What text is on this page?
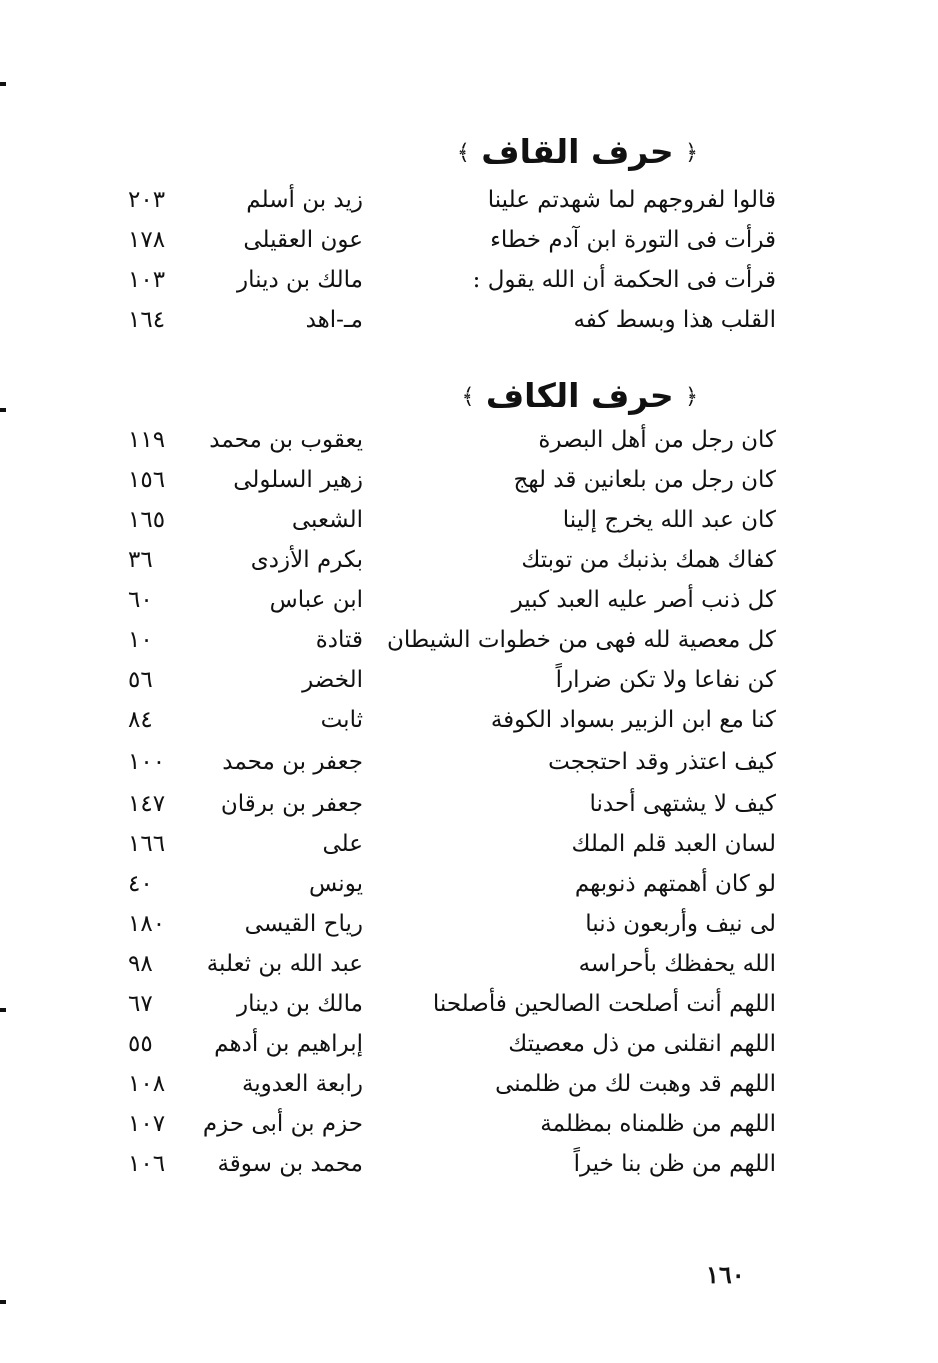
﴿ حرف القاف ﴾
قالوا لفروجهم لما شهدتم علينا
زيد بن أسلم
٢٠٣
قرأت فى التورة ابن آدم خطاء
عون العقيلى
١٧٨
قرأت فى الحكمة أن الله يقول :
مالك بن دينار
١٠٣
القلب هذا وبسط كفه
مـ-اهد
١٦٤
﴿ حرف الكاف ﴾
كان رجل من أهل البصرة
يعقوب بن محمد
١١٩
كان رجل من بلعانين قد لهج
زهير السلولى
١٥٦
كان عبد الله يخرج إلينا
الشعبى
١٦٥
كفاك همك بذنبك من توبتك
بكرم الأزدى
٣٦
كل ذنب أصر عليه العبد كبير
ابن عباس
٦٠
كل معصية لله فهى من خطوات الشيطان
قتادة
١٠
كن نفاعا ولا تكن ضراراً
الخضر
٥٦
كنا مع ابن الزبير بسواد الكوفة
ثابت
٨٤
كيف اعتذر وقد احتججت
جعفر بن محمد
١٠٠
كيف لا يشتهى أحدنا
جعفر بن برقان
١٤٧
لسان العبد قلم الملك
على
١٦٦
لو كان أهمتهم ذنوبهم
يونس
٤٠
لى نيف وأربعون ذنبا
رياح القيسى
١٨٠
الله يحفظك بأحراسه
عبد الله بن ثعلبة
٩٨
اللهم أنت أصلحت الصالحين فأصلحنا
مالك بن دينار
٦٧
اللهم انقلنى من ذل معصيتك
إبراهيم بن أدهم
٥٥
اللهم قد وهبت لك من ظلمنى
رابعة العدوية
١٠٨
اللهم من ظلمناه بمظلمة
حزم بن أبى حزم
١٠٧
اللهم من ظن بنا خيراً
محمد بن سوقة
١٠٦
١٦٠
